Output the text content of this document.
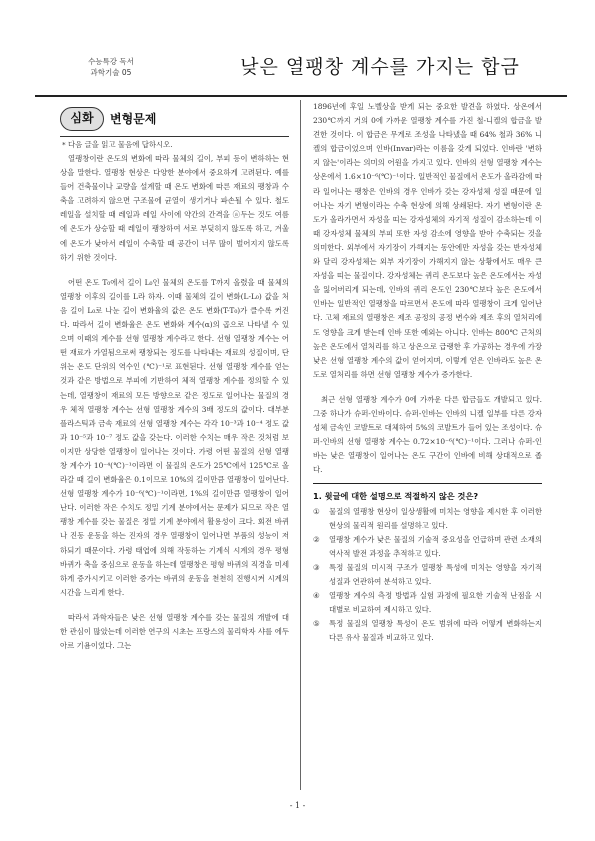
수능특강 독서
과학기술 05	낮은 열팽창 계수를 가지는 합금
심화	변형문제
* 다음 글을 읽고 물음에 답하시오.

열팽창이란 온도의 변화에 따라 물체의 길이, 부피 등이 변하하는 현상을 말한다. 열팽창 현상은 다양한 분야에서 중요하게 고려된다. 예를 들어 건축물이나 교량을 설계할 때 온도 변화에 따른 재료의 팽창과 수축을 고려하지 않으면 구조물에 균열이 생기거나 파손될 수 있다. 철도 레일을 설치할 때 레일과 레일 사이에 약간의 간격을 ⓐ두는 것도 여름에 온도가 상승할 때 레일이 팽창하여 서로 부딪히지 않도록 하고, 겨울에 온도가 낮아서 레일이 수축할 때 공간이 너무 많이 벌어지지 않도록 하기 위한 것이다.

어떤 온도 T₀에서 길이 L₀인 물체의 온도를 T까지 올렸을 때 물체의 열팽창 이후의 길이를 L라 하자. 이때 물체의 길이 변화(L-L₀) 값을 처음 길이 L₀로 나눈 길이 변화율의 값은 온도 변화(T-T₀)가 클수록 커진다. 따라서 길이 변화율은 온도 변화와 계수(α)의 곱으로 나타낼 수 있으며 이때의 계수를 선형 열팽창 계수라고 한다. 선형 열팽창 계수는 어떤 재료가 가열됨으로써 팽창되는 정도를 나타내는 재료의 성질이며, 단위는 온도 단위의 역수인 (℃)⁻¹로 표현된다. 선형 열팽창 계수를 얻는 것과 같은 방법으로 부피에 기반하여 체적 열팽창 계수를 정의할 수 있는데, 열팽창이 재료의 모든 방향으로 같은 정도로 일어나는 물질의 경우 체적 열팽창 계수는 선형 열팽창 계수의 3배 정도의 값이다. 대부분 플라스틱과 금속 재료의 선형 열팽창 계수는 각각 10⁻³과 10⁻⁴ 정도 값과 10⁻⁵과 10⁻⁷ 정도 값을 갖는다. 이러한 수치는 매우 작은 것처럼 보이지만 상당한 열팽창이 일어나는 것이다. 가령 어떤 물질의 선형 열팽창 계수가 10⁻⁴(℃)⁻¹이라면 이 물질의 온도가 25℃에서 125℃로 올라갈 때 길이 변화율은 0.1이므로 10%의 길이만큼 열팽창이 일어난다. 선형 열팽창 계수가 10⁻⁶(℃)⁻¹이라면, 1%의 길이만큼 열팽창이 일어난다. 이러한 작은 수치도 정밀 기계 분야에서는 문제가 되므로 작은 열팽창 계수를 갖는 물질은 정밀 기계 분야에서 활용성이 크다. 회전 바퀴나 진동 운동을 하는 진자의 경우 열팽창이 일어나면 부품의 성능이 저하되기 때문이다. 가령 태엽에 의해 작동하는 기계식 시계의 경우 평형 바퀴가 축을 중심으로 운동을 하는데 열팽창은 평형 바퀴의 직경을 미세하게 증가시키고 이러한 증가는 바퀴의 운동을 천천히 진행시켜 시계의 시간을 느리게 한다.

따라서 과학자들은 낮은 선형 열팽창 계수를 갖는 물질의 개발에 대한 관심이 많았는데 이러한 연구의 시초는 프랑스의 물리학자 샤를 에두아르 기욤이었다. 그는

1896년에 후일 노벨상을 받게 되는 중요한 발견을 하였다. 상온에서 230℃까지 거의 0에 가까운 열팽창 계수를 가진 철-니켈의 합금을 발견한 것이다. 이 합금은 무게로 조성을 나타냈을 때 64% 철과 36% 니켈의 합금이었으며 인바(Invar)라는 이름을 갖게 되었다. 인바란 '변하지 않는'이라는 의미의 어원을 가지고 있다. 인바의 선형 열팽창 계수는 상온에서 1.6×10⁻⁶(℃)⁻¹이다. 일반적인 물질에서 온도가 올라감에 따라 일어나는 팽창은 인바의 경우 인바가 갖는 강자성체 성질 때문에 일어나는 자기 변형이라는 수축 현상에 의해 상쇄된다. 자기 변형이란 온도가 올라가면서 자성을 띠는 강자성체의 자기적 성질이 감소하는데 이때 강자성체 물체의 부피 또한 자성 감소에 영향을 받아 수축되는 것을 의미한다. 외부에서 자기장이 가해지는 동안에만 자성을 갖는 반자성체와 달리 강자성체는 외부 자기장이 가해지지 않는 상황에서도 매우 큰 자성을 띠는 물질이다. 강자성체는 퀴리 온도보다 높은 온도에서는 자성을 잃어버리게 되는데, 인바의 퀴리 온도인 230℃보다 높은 온도에서 인바는 일반적인 열팽창을 따르면서 온도에 따라 열팽창이 크게 일어난다. 고체 재료의 열팽창은 제조 공정의 공정 변수와 제조 후의 열처리에도 영향을 크게 받는데 인바 또한 예외는 아니다. 인바는 800℃ 근처의 높은 온도에서 열처리를 하고 상온으로 급랭한 후 가공하는 경우에 가장 낮은 선형 열팽창 계수의 값이 얻어지며, 이렇게 얻은 인바라도 높은 온도로 열처리를 하면 선형 열팽창 계수가 증가한다.

최근 선형 열팽창 계수가 0에 가까운 다른 합금들도 개발되고 있다. 그중 하나가 슈퍼-인바이다. 슈퍼-인바는 인바의 니켈 일부를 다른 강자성체 금속인 코발트로 대체하여 5%의 코발트가 들어 있는 조성이다. 슈퍼-인바의 선형 열팽창 계수는 0.72×10⁻⁶(℃)⁻¹이다. 그러나 슈퍼-인바는 낮은 열팽창이 일어나는 온도 구간이 인바에 비해 상대적으로 좁다.

1. 윗글에 대한 설명으로 적절하지 않은 것은?
①	물질의 열팽창 현상이 일상생활에 미치는 영향을 제시한 후 이러한 현상의 물리적 원리를 설명하고 있다.
②	열팽창 계수가 낮은 물질의 기술적 중요성을 언급하며 관련 소재의 역사적 발전 과정을 추적하고 있다.
③	특정 물질의 미시적 구조가 열팽창 특성에 미치는 영향을 자기적 성질과 연관하여 분석하고 있다.
④	열팽창 계수의 측정 방법과 실험 과정에 필요한 기술적 난점을 시대별로 비교하여 제시하고 있다.
⑤	특정 물질의 열팽창 특성이 온도 범위에 따라 어떻게 변화하는지 다른 유사 물질과 비교하고 있다.
- 1 -
